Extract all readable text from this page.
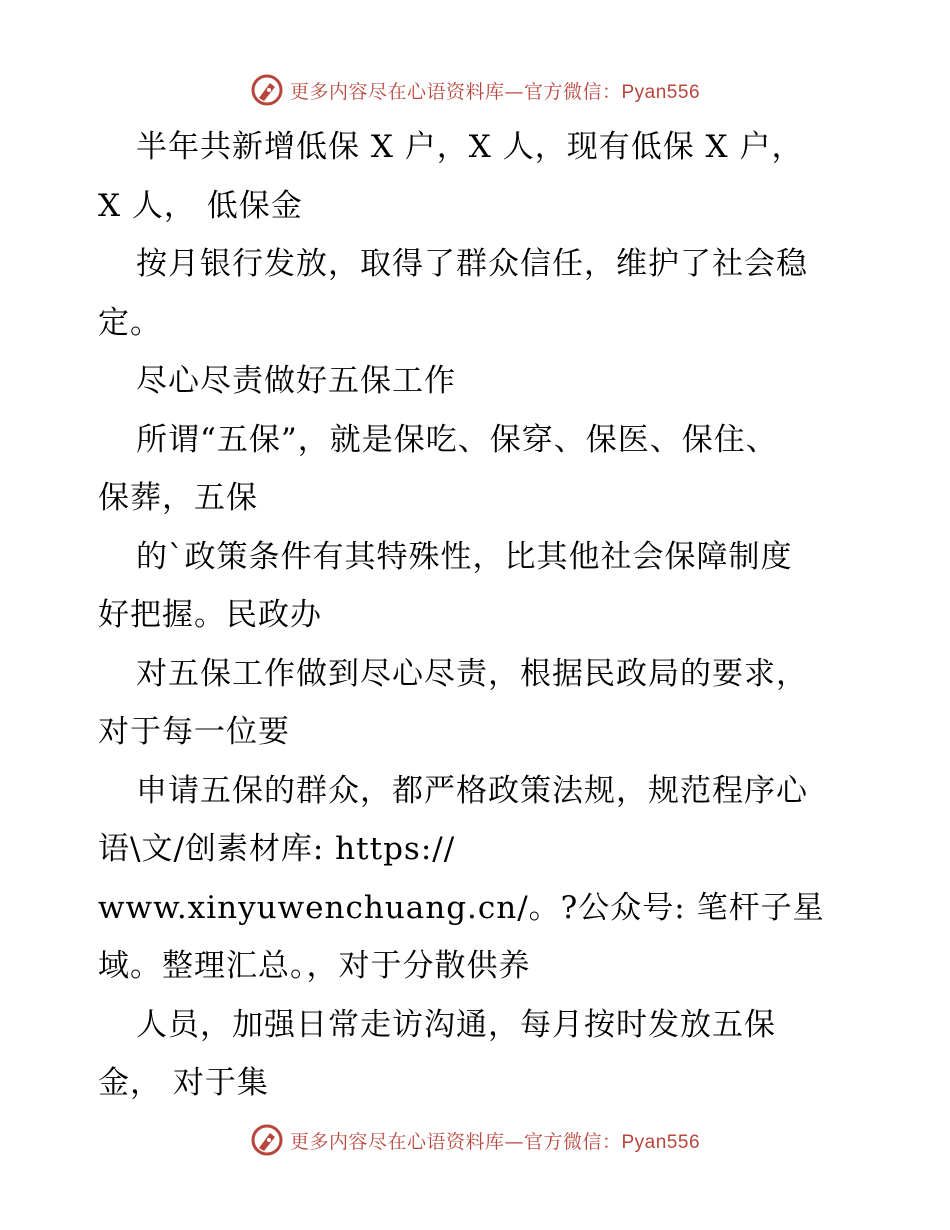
更多内容尽在心语资料库—官方微信：Pyan556
半年共新增低保 X 户，X 人，现有低保 X 户，
X 人， 低保金
按月银行发放，取得了群众信任，维护了社会稳
定。
尽心尽责做好五保工作
所谓“五保”，就是保吃、保穿、保医、保住、
保葬，五保
的`政策条件有其特殊性，比其他社会保障制度
好把握。民政办
对五保工作做到尽心尽责，根据民政局的要求，
对于每一位要
申请五保的群众，都严格政策法规，规范程序心
语\文/创素材库: https://
www.xinyuwenchuang.cn/。?公众号: 笔杆子星
域。整理汇总。，对于分散供养
人员，加强日常走访沟通，每月按时发放五保
金， 对于集
更多内容尽在心语资料库—官方微信：Pyan556
